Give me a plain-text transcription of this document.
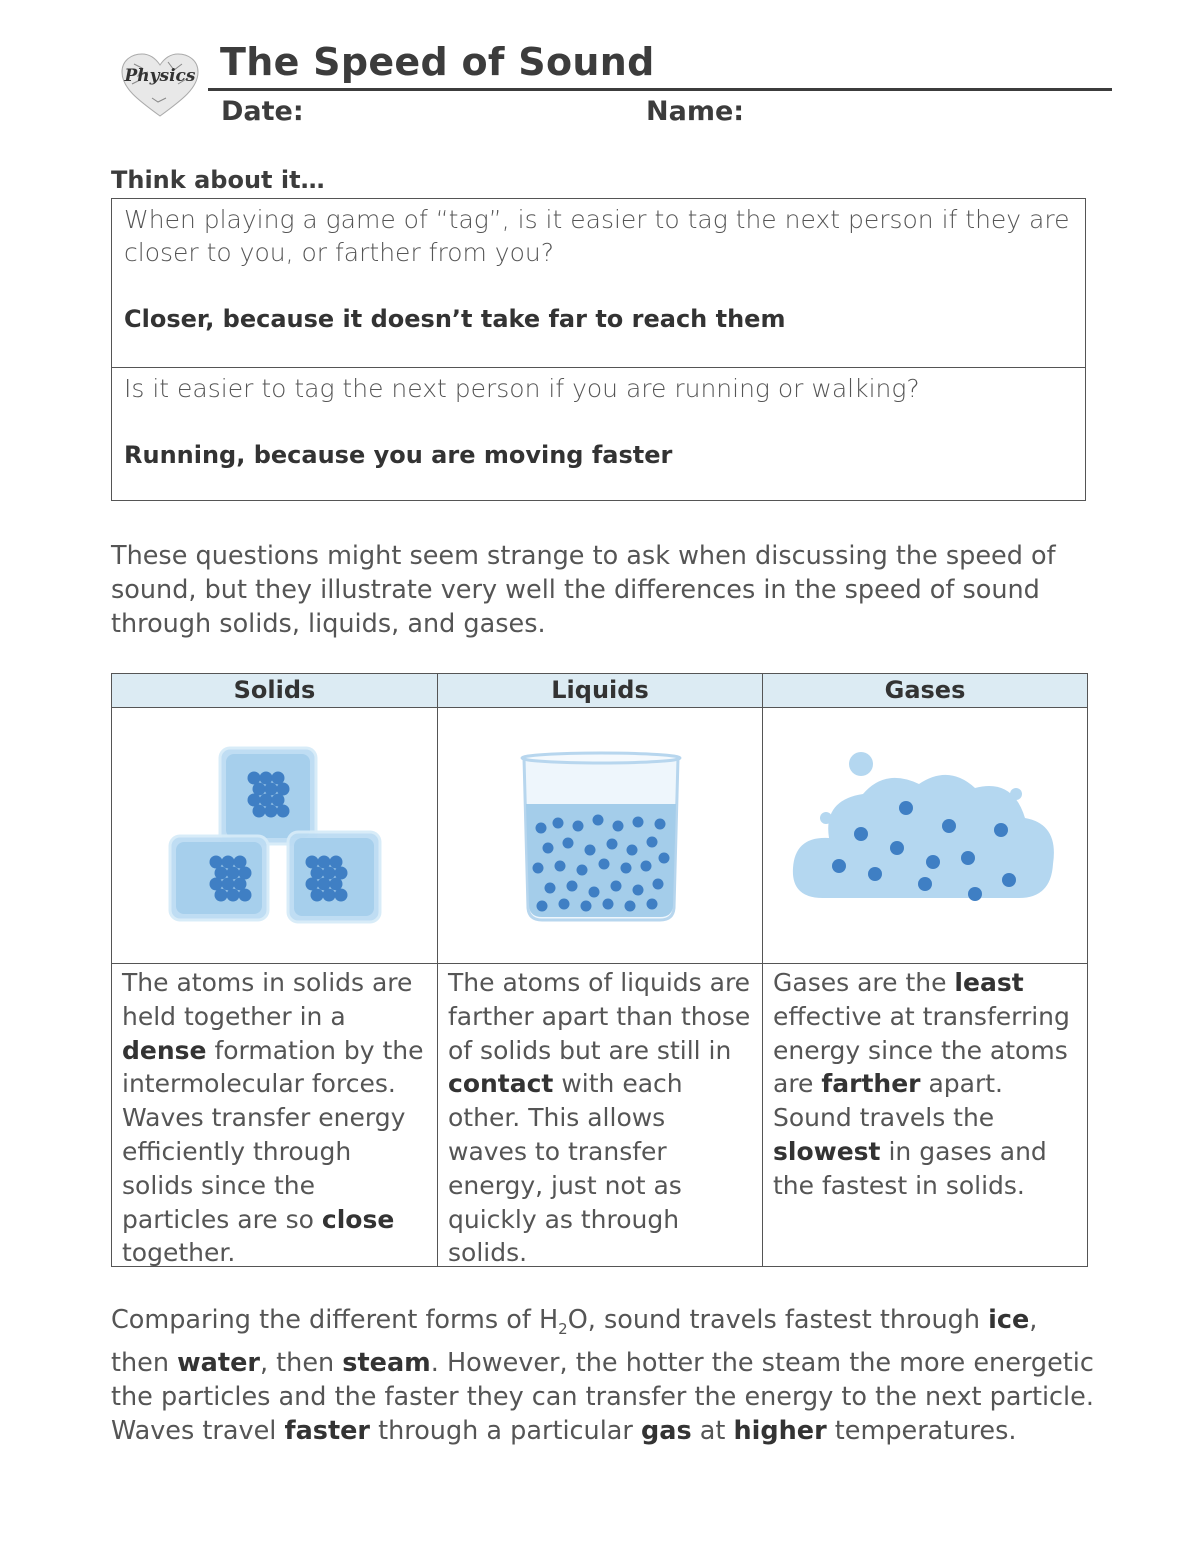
Physics The Speed of Sound
Date:	Name:
Think about it…
When playing a game of “tag”, is it easier to tag the next person if they are closer to you, or farther from you?
Closer, because it doesn’t take far to reach them
Is it easier to tag the next person if you are running or walking?
Running, because you are moving faster
These questions might seem strange to ask when discussing the speed of sound, but they illustrate very well the differences in the speed of sound through solids, liquids, and gases.
Solids
The atoms in solids are held together in a dense formation by the intermolecular forces. Waves transfer energy efficiently through solids since the particles are so close together.
Liquids
The atoms of liquids are farther apart than those of solids but are still in contact with each other. This allows waves to transfer energy, just not as quickly as through solids.
Gases
Gases are the least effective at transferring energy since the atoms are farther apart. Sound travels the slowest in gases and the fastest in solids.
Comparing the different forms of $H_2O$, sound travels fastest through ice, then water, then steam. However, the hotter the steam the more energetic the particles and the faster they can transfer the energy to the next particle. Waves travel faster through a particular gas at higher temperatures.
